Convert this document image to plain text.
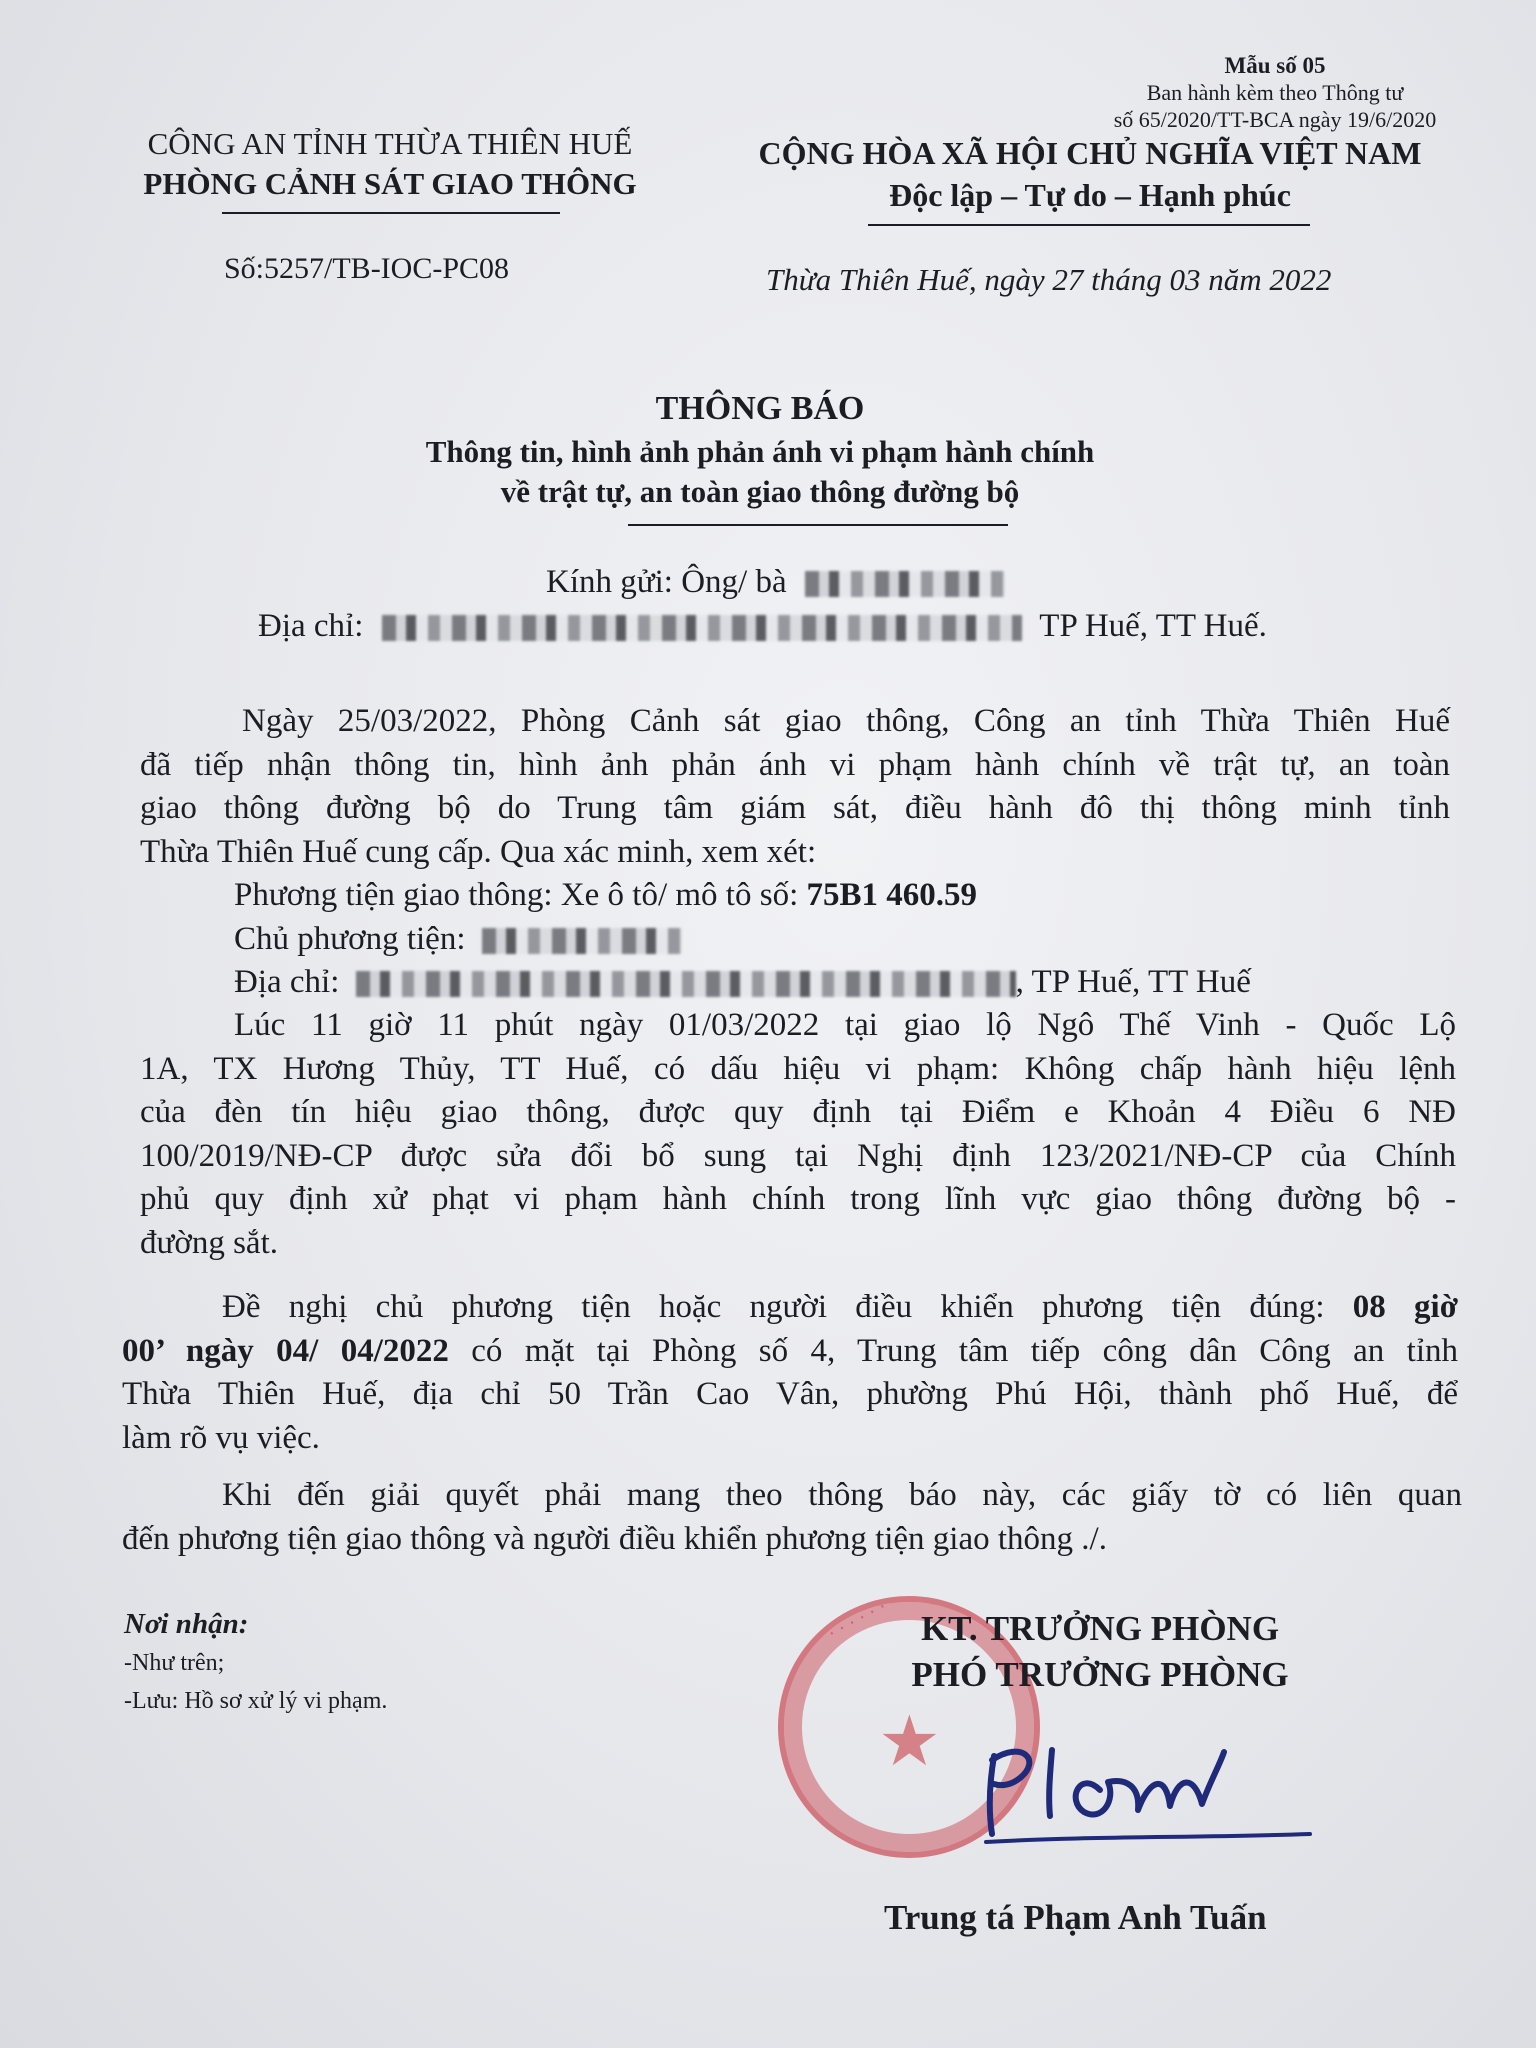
Mẫu số 05
Ban hành kèm theo Thông tư
số 65/2020/TT-BCA ngày 19/6/2020
CÔNG AN TỈNH THỪA THIÊN HUẾ
PHÒNG CẢNH SÁT GIAO THÔNG
CỘNG HÒA XÃ HỘI CHỦ NGHĨA VIỆT NAM
Độc lập – Tự do – Hạnh phúc
Số:5257/TB-IOC-PC08	Thừa Thiên Huế, ngày 27 tháng 03 năm 2022
THÔNG BÁO
Thông tin, hình ảnh phản ánh vi phạm hành chính
về trật tự, an toàn giao thông đường bộ
Kính gửi: Ông/ bà
Địa chỉ:	TP Huế, TT Huế.
Ngày 25/03/2022, Phòng Cảnh sát giao thông, Công an tỉnh Thừa Thiên Huế
đã tiếp nhận thông tin, hình ảnh phản ánh vi phạm hành chính về trật tự, an toàn
giao thông đường bộ do Trung tâm giám sát, điều hành đô thị thông minh tỉnh
Thừa Thiên Huế cung cấp. Qua xác minh, xem xét:
Phương tiện giao thông: Xe ô tô/ mô tô số: 75B1 460.59
Chủ phương tiện:
Địa chỉ:	, TP Huế, TT Huế
Lúc 11 giờ 11 phút ngày 01/03/2022 tại giao lộ Ngô Thế Vinh - Quốc Lộ
1A, TX Hương Thủy, TT Huế, có dấu hiệu vi phạm: Không chấp hành hiệu lệnh
của đèn tín hiệu giao thông, được quy định tại Điểm e Khoản 4 Điều 6 NĐ
100/2019/NĐ-CP được sửa đổi bổ sung tại Nghị định 123/2021/NĐ-CP của Chính
phủ quy định xử phạt vi phạm hành chính trong lĩnh vực giao thông đường bộ -
đường sắt.
Đề nghị chủ phương tiện hoặc người điều khiển phương tiện đúng: 08 giờ
00’ ngày 04/ 04/2022 có mặt tại Phòng số 4, Trung tâm tiếp công dân Công an tỉnh
Thừa Thiên Huế, địa chỉ 50 Trần Cao Vân, phường Phú Hội, thành phố Huế, để
làm rõ vụ việc.
Khi đến giải quyết phải mang theo thông báo này, các giấy tờ có liên quan
đến phương tiện giao thông và người điều khiển phương tiện giao thông ./.
Nơi nhận:
-Như trên;
-Lưu: Hồ sơ xử lý vi phạm.	★
· · · · · · KT. TRƯỞNG PHÒNG
PHÓ TRƯỞNG PHÒNG
Trung tá Phạm Anh Tuấn
